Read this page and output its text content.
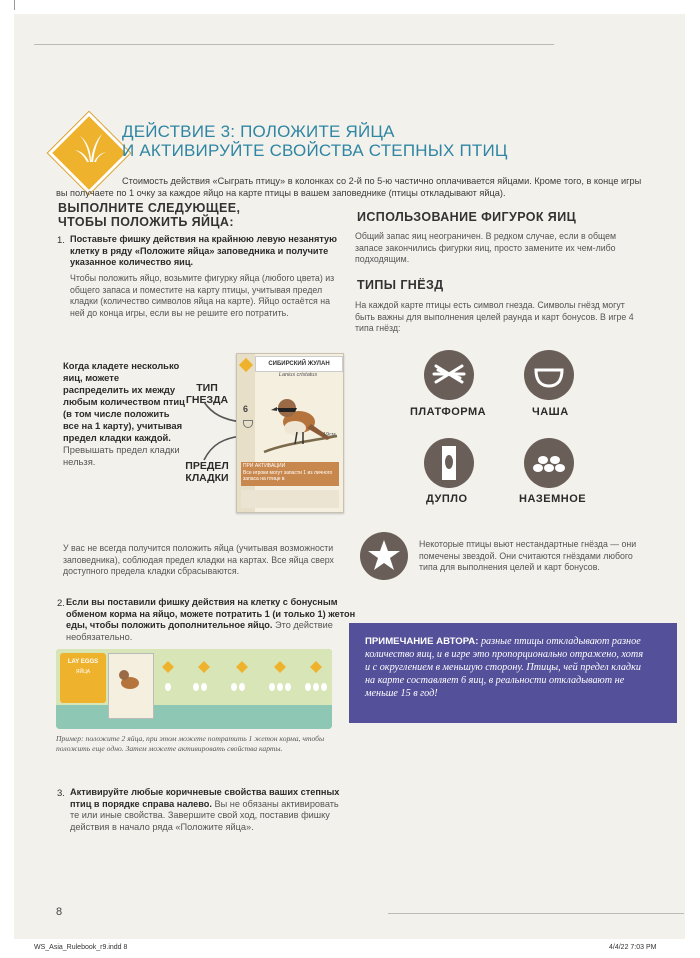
ДЕЙСТВИЕ 3: ПОЛОЖИТЕ ЯЙЦА
И АКТИВИРУЙТЕ СВОЙСТВА СТЕПНЫХ ПТИЦ
Стоимость действия «Сыграть птицу» в колонках со 2-й по 5-ю частично оплачивается яйцами. Кроме того, в конце игры вы получаете по 1 очку за каждое яйцо на карте птицы в вашем заповеднике (птицы откладывают яйца).
ВЫПОЛНИТЕ СЛЕДУЮЩЕЕ,
ЧТОБЫ ПОЛОЖИТЬ ЯЙЦА:
1. Поставьте фишку действия на крайнюю левую незанятую клетку в ряду «Положите яйца» заповедника и получите указанное количество яиц.
Чтобы положить яйцо, возьмите фигурку яйца (любого цвета) из общего запаса и поместите на карту птицы, учитывая предел кладки (количество символов яйца на карте). Яйцо остаётся на ней до конца игры, если вы не решите его потратить.
Когда кладете несколько яиц, можете распределить их между любым количеством птиц (в том числе положить все на 1 карту), учитывая предел кладки каждой. Превышать предел кладки нельзя.
ТИП ГНЕЗДА
ПРЕДЕЛ КЛАДКИ
СИБИРСКИЙ ЖУЛАН
Lanius cristatus
6
19см
ПРИ АКТИВАЦИИ
Все игроки могут запасти 1 из личного запаса на птице в
У вас не всегда получится положить яйца (учитывая возможности заповедника), соблюдая предел кладки на картах. Все яйца сверх доступного предела кладки сбрасываются.
ИСПОЛЬЗОВАНИЕ ФИГУРОК ЯИЦ
Общий запас яиц неограничен. В редком случае, если в общем запасе закончились фигурки яиц, просто замените их чем-либо подходящим.
ТИПЫ ГНЁЗД
На каждой карте птицы есть символ гнезда. Символы гнёзд могут быть важны для выполнения целей раунда и карт бонусов. В игре 4 типа гнёзд:
ПЛАТФОРМА	ЧАША
ДУПЛО	НАЗЕМНОЕ
Некоторые птицы вьют нестандартные гнёзда — они помечены звездой. Они считаются гнёздами любого типа для выполнения целей и карт бонусов.
2. Если вы поставили фишку действия на клетку с бонусным обменом корма на яйцо, можете потратить 1 (и только 1) жетон еды, чтобы положить дополнительное яйцо. Это действие необязательно.
LAY EGGS
ЯЙЦА
Пример: положите 2 яйца, при этом можете потратить 1 жетон корма, чтобы положить еще одно. Затем можете активировать свойства карты.
ПРИМЕЧАНИЕ АВТОРА: разные птицы откладывают разное количество яиц, и в игре это пропорционально отражено, хотя и с округлением в меньшую сторону. Птицы, чей предел кладки на карте составляет 6 яиц, в реальности откладывают не меньше 15 в год!
3. Активируйте любые коричневые свойства ваших степных птиц в порядке справа налево. Вы не обязаны активировать те или иные свойства. Завершите свой ход, поставив фишку действия в начало ряда «Положите яйца».
8
WS_Asia_Rulebook_r9.indd 8	4/4/22 7:03 PM
